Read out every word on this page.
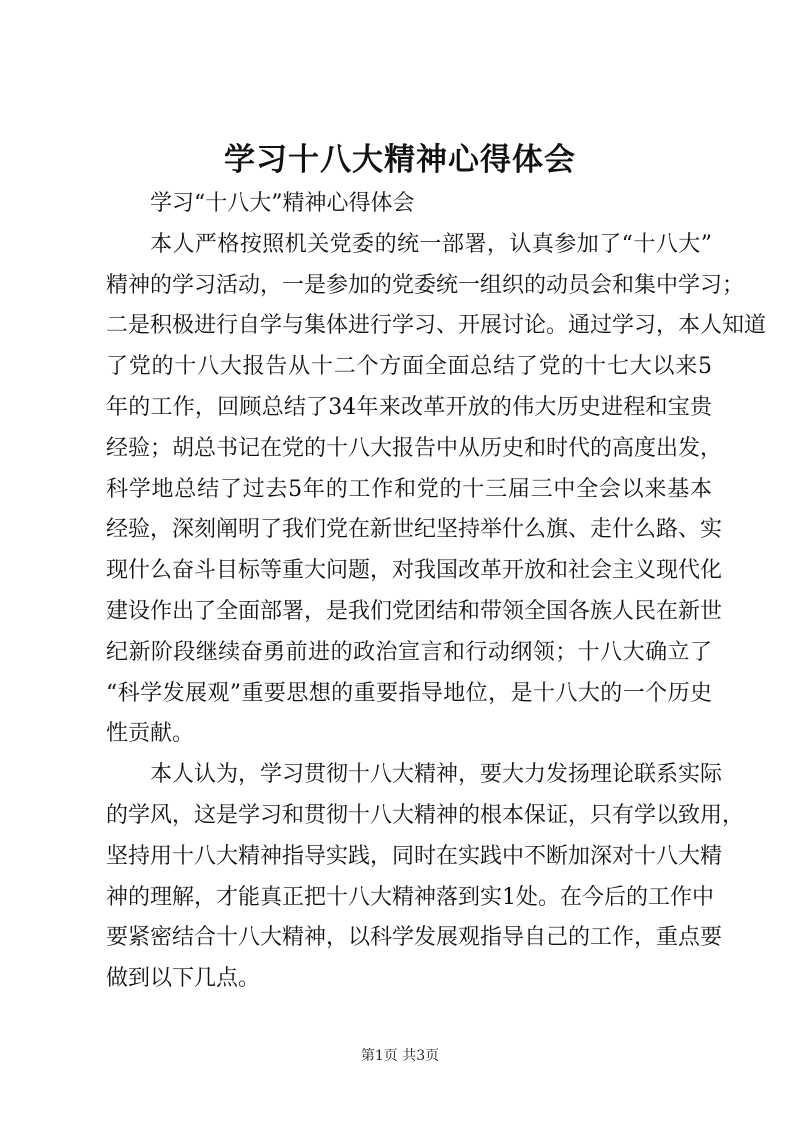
学习十八大精神心得体会
学习“十八大”精神心得体会
本人严格按照机关党委的统一部署，认真参加了“十八大”
精神的学习活动，一是参加的党委统一组织的动员会和集中学习；
二是积极进行自学与集体进行学习、开展讨论。通过学习，本人知道
了党的十八大报告从十二个方面全面总结了党的十七大以来5
年的工作，回顾总结了34年来改革开放的伟大历史进程和宝贵
经验；胡总书记在党的十八大报告中从历史和时代的高度出发，
科学地总结了过去5年的工作和党的十三届三中全会以来基本
经验，深刻阐明了我们党在新世纪坚持举什么旗、走什么路、实
现什么奋斗目标等重大问题，对我国改革开放和社会主义现代化
建设作出了全面部署，是我们党团结和带领全国各族人民在新世
纪新阶段继续奋勇前进的政治宣言和行动纲领；十八大确立了
“科学发展观”重要思想的重要指导地位，是十八大的一个历史
性贡献。
本人认为，学习贯彻十八大精神，要大力发扬理论联系实际
的学风，这是学习和贯彻十八大精神的根本保证，只有学以致用，
坚持用十八大精神指导实践，同时在实践中不断加深对十八大精
神的理解，才能真正把十八大精神落到实1处。在今后的工作中
要紧密结合十八大精神，以科学发展观指导自己的工作，重点要
做到以下几点。
第1页 共3页
